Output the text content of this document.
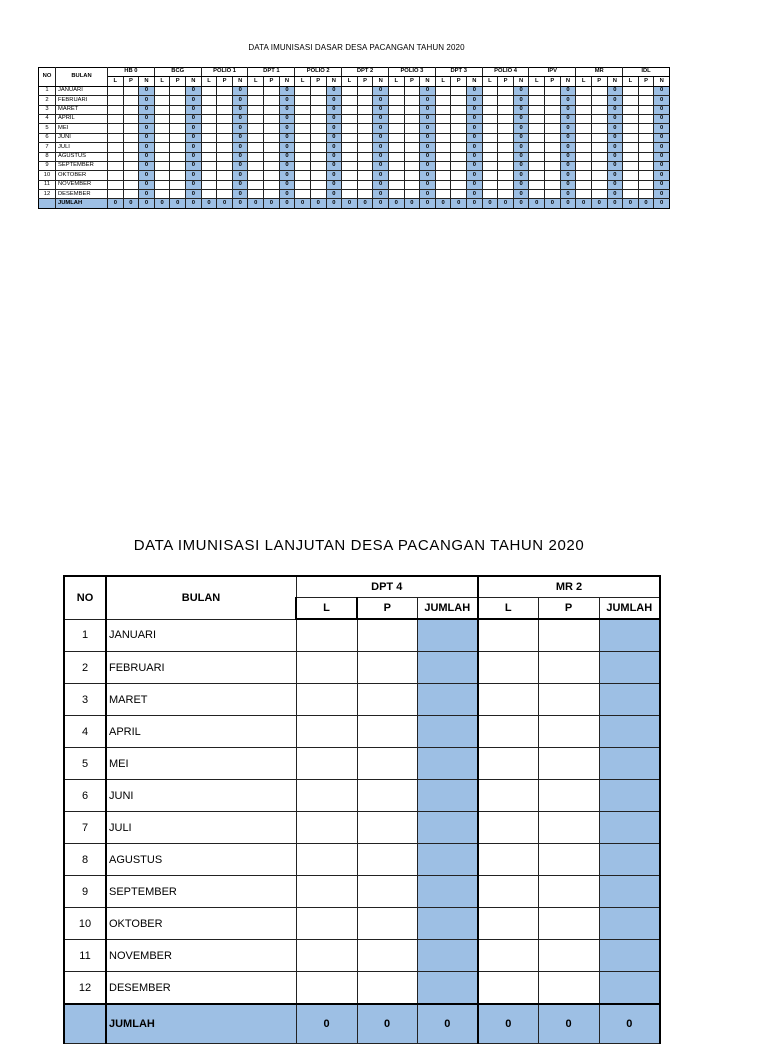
DATA IMUNISASI DASAR DESA PACANGAN TAHUN 2020
NO	BULAN	HB 0			BCG			POLIO 1			DPT 1			POLIO 2			DPT 2			POLIO 3			DPT 3			POLIO 4			IPV			MR			IDL		
		L	P	N	L	P	N	L	P	N	L	P	N	L	P	N	L	P	N	L	P	N	L	P	N	L	P	N	L	P	N	L	P	N	L	P	N
1	JANUARI			0			0			0			0			0			0			0			0			0			0			0			0
2	FEBRUARI			0			0			0			0			0			0			0			0			0			0			0			0
3	MARET			0			0			0			0			0			0			0			0			0			0			0			0
4	APRIL			0			0			0			0			0			0			0			0			0			0			0			0
5	MEI			0			0			0			0			0			0			0			0			0			0			0			0
6	JUNI			0			0			0			0			0			0			0			0			0			0			0			0
7	JULI			0			0			0			0			0			0			0			0			0			0			0			0
8	AGUSTUS			0			0			0			0			0			0			0			0			0			0			0			0
9	SEPTEMBER			0			0			0			0			0			0			0			0			0			0			0			0
10	OKTOBER			0			0			0			0			0			0			0			0			0			0			0			0
11	NOVEMBER			0			0			0			0			0			0			0			0			0			0			0			0
12	DESEMBER			0			0			0			0			0			0			0			0			0			0			0			0
	JUMLAH	0	0	0	0	0	0	0	0	0	0	0	0	0	0	0	0	0	0	0	0	0	0	0	0	0	0	0	0	0	0	0	0	0	0	0	0
DATA IMUNISASI LANJUTAN DESA PACANGAN TAHUN 2020
NO	BULAN	DPT 4			MR 2		
		L	P	JUMLAH	L	P	JUMLAH
1	JANUARI						
2	FEBRUARI						
3	MARET						
4	APRIL						
5	MEI						
6	JUNI						
7	JULI						
8	AGUSTUS						
9	SEPTEMBER						
10	OKTOBER						
11	NOVEMBER						
12	DESEMBER						
	JUMLAH	0	0	0	0	0	0
